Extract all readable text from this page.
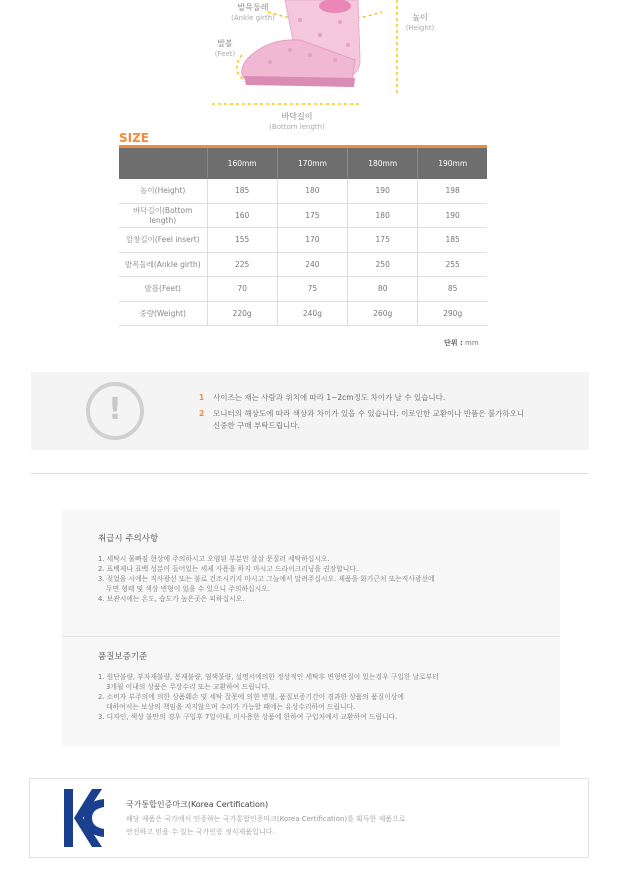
발목둘레
(Ankle girth)	높이
(Height)
발볼
(Feet)
바닥길이
(Bottom length)
SIZE
	160mm	170mm	180mm	190mm
높이(Height)	185	180	190	198
바닥길이(Bottom length)	160	175	180	190
깔창길이(Feel insert)	155	170	175	185
발목둘레(Ankle girth)	225	240	250	255
발볼(Feet)	70	75	80	85
중량(Weight)	220g	240g	260g	290g
단위 : mm
!	1 사이즈는 재는 사람과 위치에 따라 1~2cm정도 차이가 날 수 있습니다.
2 모니터의 해상도에 따라 색상과 차이가 있을 수 있습니다. 이로인한 교환이나 반품은 불가하오니
신중한 구매 부탁드립니다.
취급시 주의사항
1. 세탁시 물빠짐 현상에 주의하시고 오염된 부분만 살살 문질러 세탁하십시오.
2. 표백제나 표백 성분이 들어있는 세제 사용을 하지 마시고 드라이크리닝을 권장합니다.
3. 젖었을 시에는 직사광선 또는 불로 건조시키지 마시고 그늘에서 말려주십시오. 제품을 화기근처 또는직사광선에
두면 형태 및 색상 변형이 있을 수 있으니 주의하십시오.
4. 보관시에는 온도, 습도가 높은곳은 피하십시오.
품질보증기준
1. 원단불량, 부자재불량, 봉제불량, 염색불량, 설명서에의한 정상적인 세탁후 변형변질이 있는경우 구입한 날로부터
3개월 이내의 상품은 무상수리 또는 교환하여 드립니다.
2. 소비자 부주의에 의한 상품훼손 및 세탁 잘못에 의한 변형, 품질보증기간이 경과한 상품의 품질이상에
대하여서는 보상의 책임을 지지않으며 수리가 가능할 때에는 유상수리하여 드립니다.
3. 디자인, 색상 불만의 경우 구입후 7일이내, 미사용한 상품에 한하여 구입처에서 교환하여 드립니다.
국가통합인증마크(Korea Certification)
해당 제품은 국가에서 인증하는 국가통합인증마크(Korea Certification)를 획득한 제품으로
안전하고 믿을 수 있는 국가인증 정식제품입니다.
